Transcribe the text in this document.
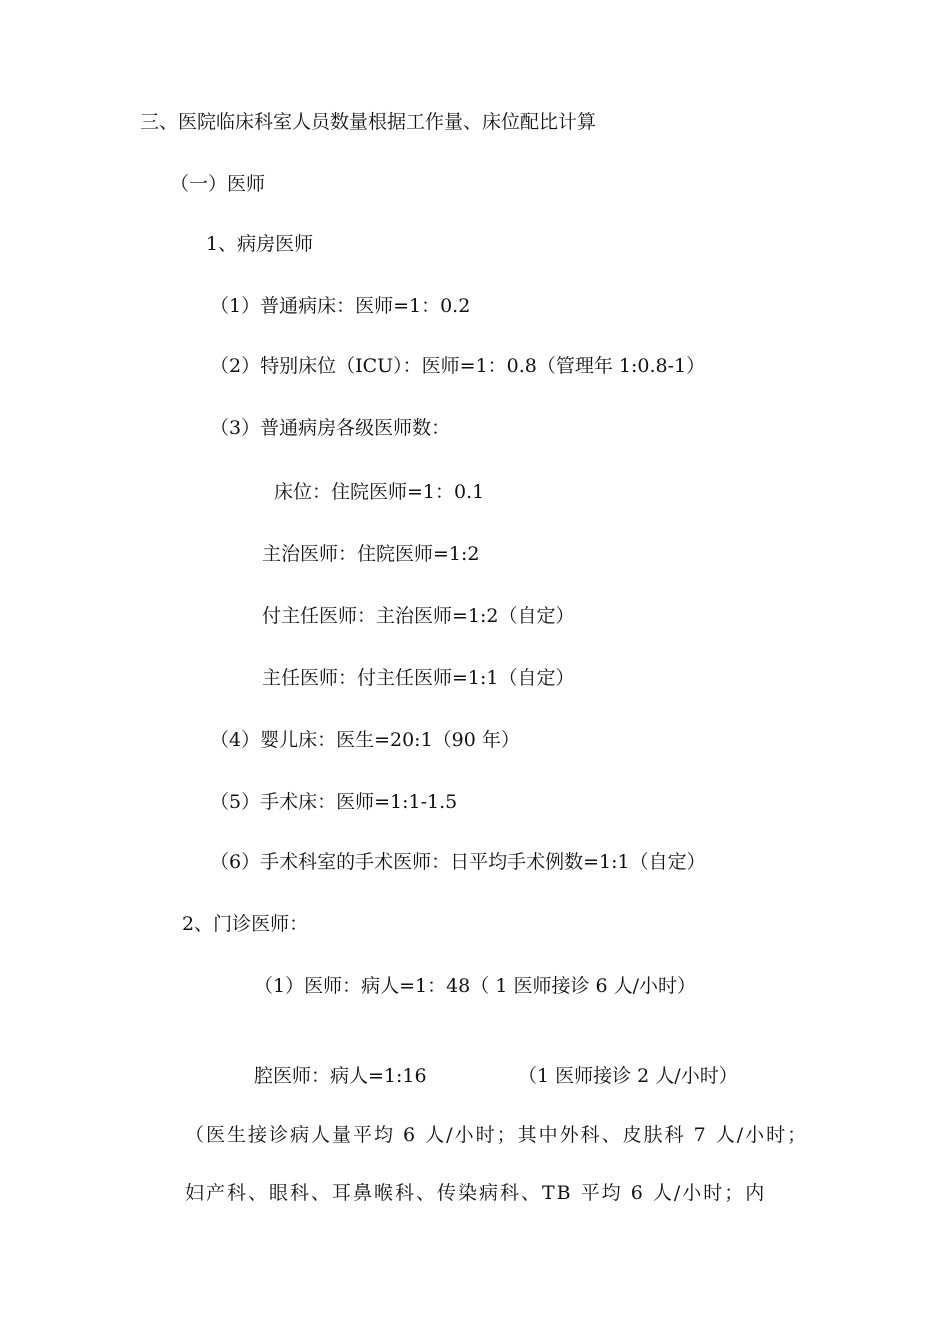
三、医院临床科室人员数量根据工作量、床位配比计算
（一）医师
1、病房医师
（1）普通病床：医师=1：0.2
（2）特别床位（ICU）：医师=1：0.8（管理年 1:0.8-1）
（3）普通病房各级医师数：
床位：住院医师=1：0.1
主治医师：住院医师=1:2
付主任医师：主治医师=1:2（自定）
主任医师：付主任医师=1:1（自定）
（4）婴儿床：医生=20:1（90 年）
（5）手术床：医师=1:1-1.5
（6）手术科室的手术医师：日平均手术例数=1:1（自定）
2、门诊医师：
（1）医师：病人=1：48（ 1 医师接诊 6 人/小时）
腔医师：病人=1:16	（1 医师接诊 2 人/小时）
（医生接诊病人量平均 6 人/小时；其中外科、皮肤科 7 人/小时；妇产科、眼科、耳鼻喉科、传染病科、TB 平均 6 人/小时；内
